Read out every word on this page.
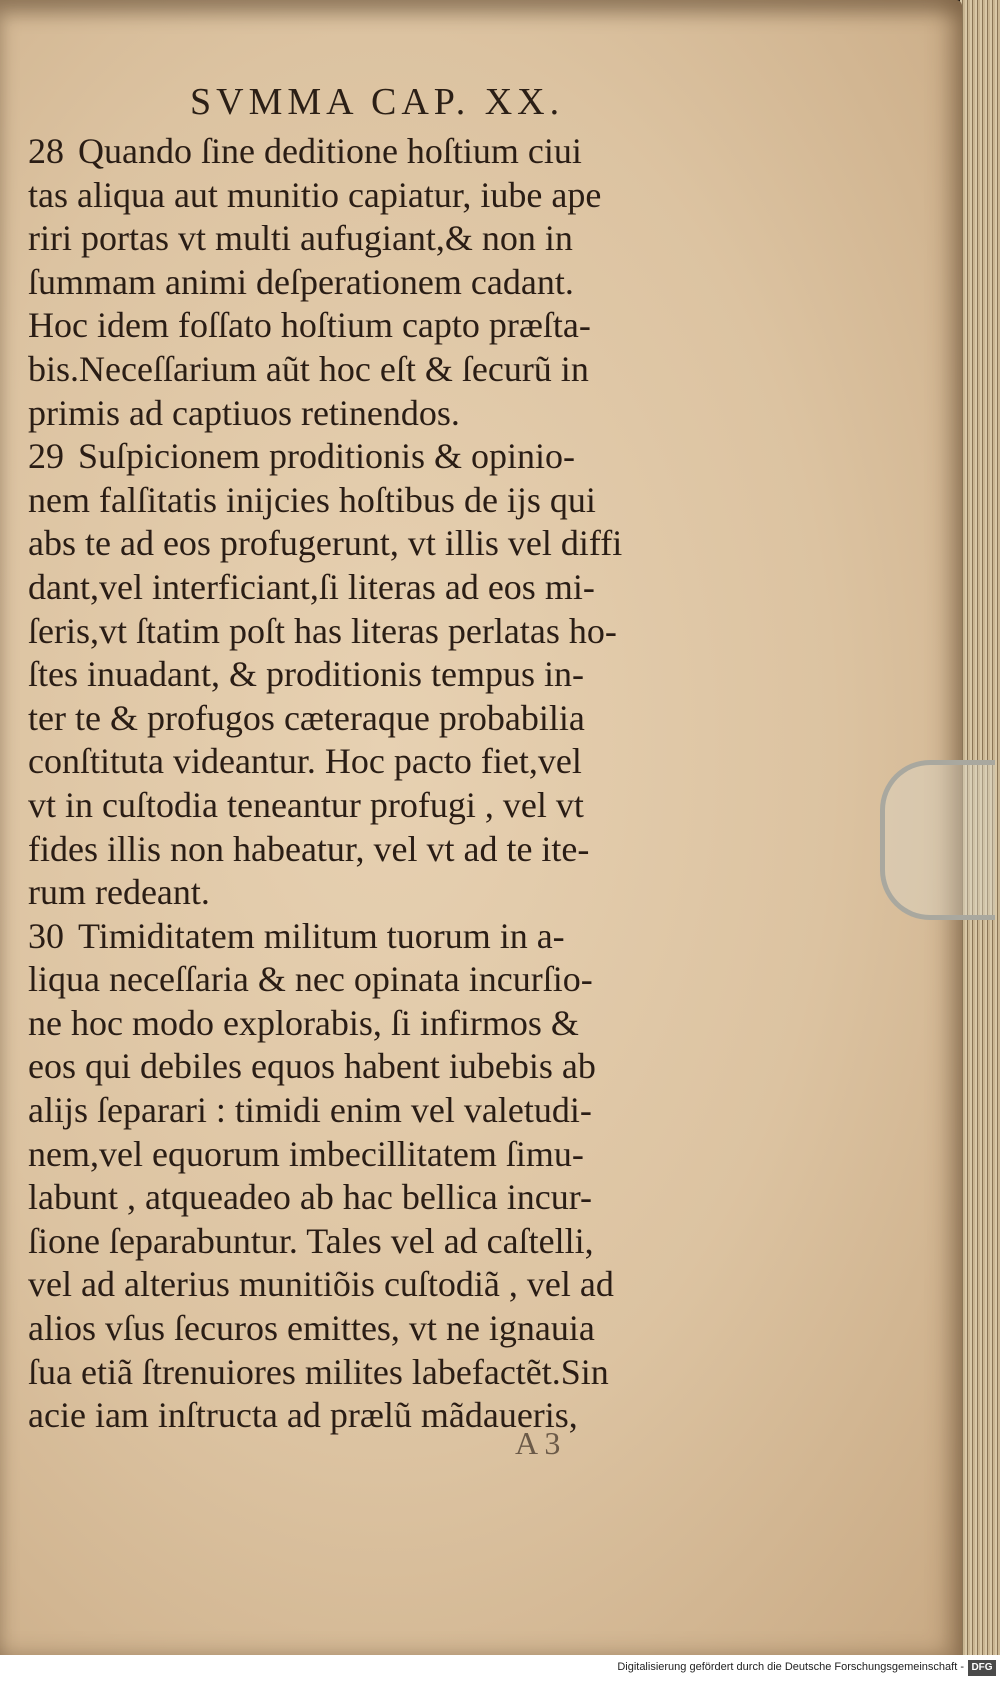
SVMMA CAP. XX.
28 Quando ſine deditione hoſtium ciui
tas aliqua aut munitio capiatur, iube ape
riri portas vt multi aufugiant,& non in
ſummam animi deſperationem cadant.
Hoc idem foſſato hoſtium capto præſta-
bis.Neceſſarium aũt hoc eſt & ſecurũ in
primis ad captiuos retinendos.
29 Suſpicionem proditionis & opinio-
nem falſitatis inijcies hoſtibus de ijs qui
abs te ad eos profugerunt, vt illis vel diffi
dant,vel interficiant,ſi literas ad eos mi-
ſeris,vt ſtatim poſt has literas perlatas ho-
ſtes inuadant, & proditionis tempus in-
ter te & profugos cæteraque probabilia
conſtituta videantur. Hoc pacto fiet,vel
vt in cuſtodia teneantur profugi , vel vt
fides illis non habeatur, vel vt ad te ite-
rum redeant.
30 Timiditatem militum tuorum in a-
liqua neceſſaria & nec opinata incurſio-
ne hoc modo explorabis, ſi infirmos &
eos qui debiles equos habent iubebis ab
alijs ſeparari : timidi enim vel valetudi-
nem,vel equorum imbecillitatem ſimu-
labunt , atqueadeo ab hac bellica incur-
ſione ſeparabuntur. Tales vel ad caſtelli,
vel ad alterius munitiõis cuſtodiã , vel ad
alios vſus ſecuros emittes, vt ne ignauia
ſua etiã ſtrenuiores milites labefactẽt.Sin
acie iam inſtructa ad prælũ mãdaueris,
A 3
Digitalisierung gefördert durch die Deutsche Forschungsgemeinschaft - DFG
